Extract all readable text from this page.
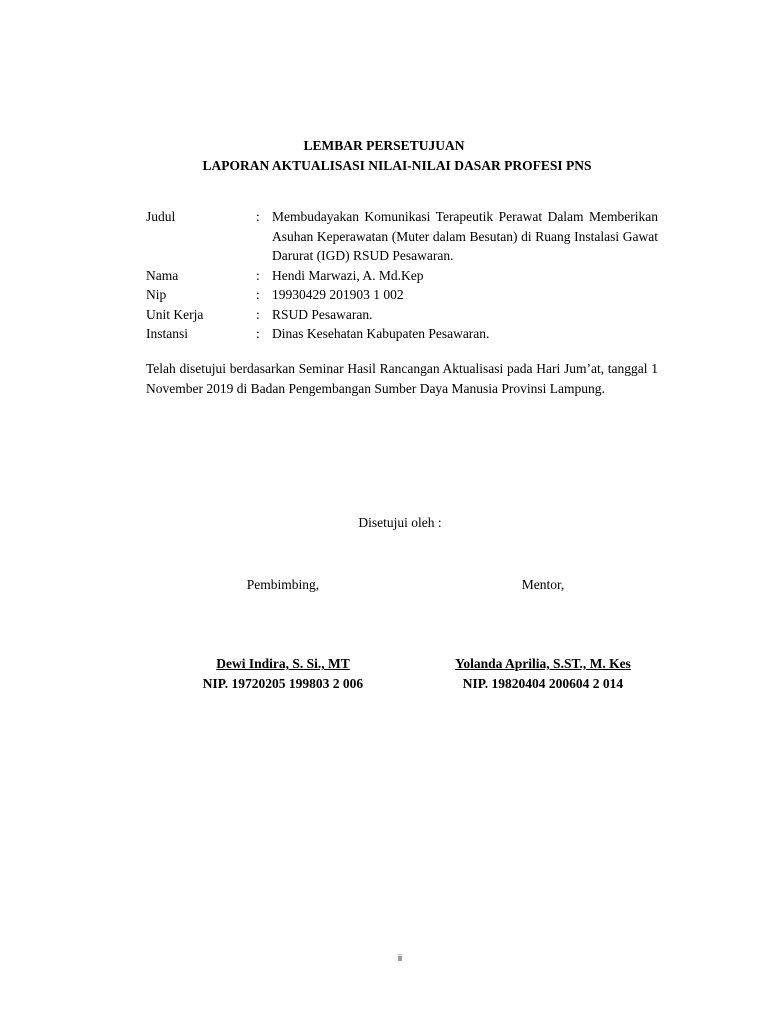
LEMBAR PERSETUJUAN
LAPORAN AKTUALISASI NILAI-NILAI DASAR PROFESI PNS
Judul	: Membudayakan Komunikasi Terapeutik Perawat Dalam Memberikan Asuhan Keperawatan (Muter dalam Besutan) di Ruang Instalasi Gawat Darurat (IGD) RSUD Pesawaran.
Nama	: Hendi Marwazi, A. Md.Kep
Nip	: 19930429 201903 1 002
Unit Kerja	: RSUD Pesawaran.
Instansi	: Dinas Kesehatan Kabupaten Pesawaran.

Telah disetujui berdasarkan Seminar Hasil Rancangan Aktualisasi pada Hari Jum’at, tanggal 1 November 2019 di Badan Pengembangan Sumber Daya Manusia Provinsi Lampung.

Disetujui oleh :
Pembimbing,	Mentor,
Dewi Indira, S. Si., MT
NIP. 19720205 199803 2 006
Yolanda Aprilia, S.ST., M. Kes
NIP. 19820404 200604 2 014
ii
